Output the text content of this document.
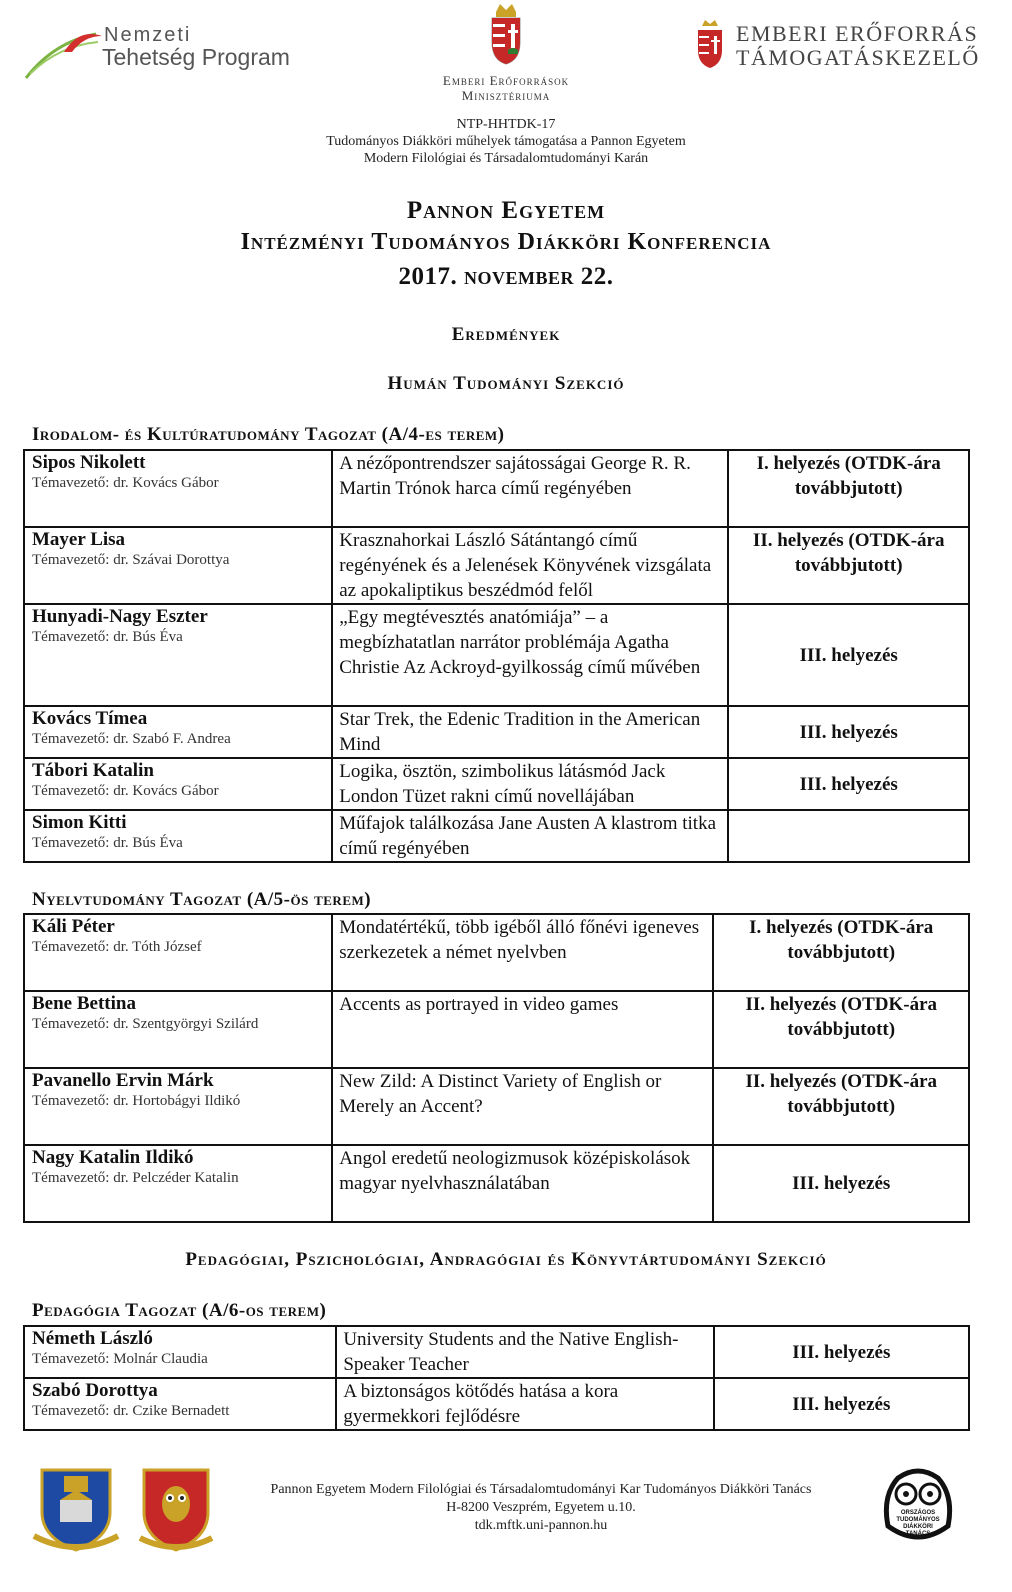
Nemzeti
Tehetség Program
Emberi Erőforrások
Minisztériuma
EMBERI ERŐFORRÁS
TÁMOGATÁSKEZELŐ
NTP-HHTDK-17
Tudományos Diákköri műhelyek támogatása a Pannon Egyetem
Modern Filológiai és Társadalomtudományi Karán
Pannon Egyetem
Intézményi Tudományos Diákköri Konferencia
2017. november 22.
Eredmények
Humán Tudományi Szekció
Irodalom- és Kultúratudomány Tagozat (A/4-es terem)
Sipos Nikolett
Témavezető: dr. Kovács Gábor	A nézőpontrendszer sajátosságai George R. R. Martin Trónok harca című regényében	I. helyezés (OTDK-ára továbbjutott)

Mayer Lisa
Témavezető: dr. Szávai Dorottya	Krasznahorkai László Sátántangó című regényének és a Jelenések Könyvének vizsgálata az apokaliptikus beszédmód felől	II. helyezés (OTDK-ára továbbjutott)

Hunyadi-Nagy Eszter
Témavezető: dr. Bús Éva	„Egy megtévesztés anatómiája” – a megbízhatatlan narrátor problémája Agatha Christie Az Ackroyd-gyilkosság című művében	III. helyezés

Kovács Tímea
Témavezető: dr. Szabó F. Andrea	Star Trek, the Edenic Tradition in the American Mind	III. helyezés

Tábori Katalin
Témavezető: dr. Kovács Gábor	Logika, ösztön, szimbolikus látásmód Jack London Tüzet rakni című novellájában	III. helyezés

Simon Kitti
Témavezető: dr. Bús Éva	Műfajok találkozása Jane Austen A klastrom titka című regényében	

Nyelvtudomány Tagozat (A/5-ös terem)
Káli Péter
Témavezető: dr. Tóth József	Mondatértékű, több igéből álló főnévi igeneves szerkezetek a német nyelvben	I. helyezés (OTDK-ára továbbjutott)

Bene Bettina
Témavezető: dr. Szentgyörgyi Szilárd	Accents as portrayed in video games	II. helyezés (OTDK-ára továbbjutott)

Pavanello Ervin Márk
Témavezető: dr. Hortobágyi Ildikó	New Zild: A Distinct Variety of English or Merely an Accent?	II. helyezés (OTDK-ára továbbjutott)

Nagy Katalin Ildikó
Témavezető: dr. Pelczéder Katalin	Angol eredetű neologizmusok középiskolások magyar nyelvhasználatában	III. helyezés
Pedagógiai, Pszichológiai, Andragógiai és Könyvtártudományi Szekció
Pedagógia Tagozat (A/6-os terem)
Németh László
Témavezető: Molnár Claudia	University Students and the Native English-Speaker Teacher	III. helyezés

Szabó Dorottya
Témavezető: dr. Czike Bernadett	A biztonságos kötődés hatása a kora gyermekkori fejlődésre	III. helyezés
Pannon Egyetem Modern Filológiai és Társadalomtudományi Kar Tudományos Diákköri Tanács
H-8200 Veszprém, Egyetem u.10.
tdk.mftk.uni-pannon.hu
ORSZÁGOS TUDOMÁNYOS DIÁKKÖRI TANÁCS
